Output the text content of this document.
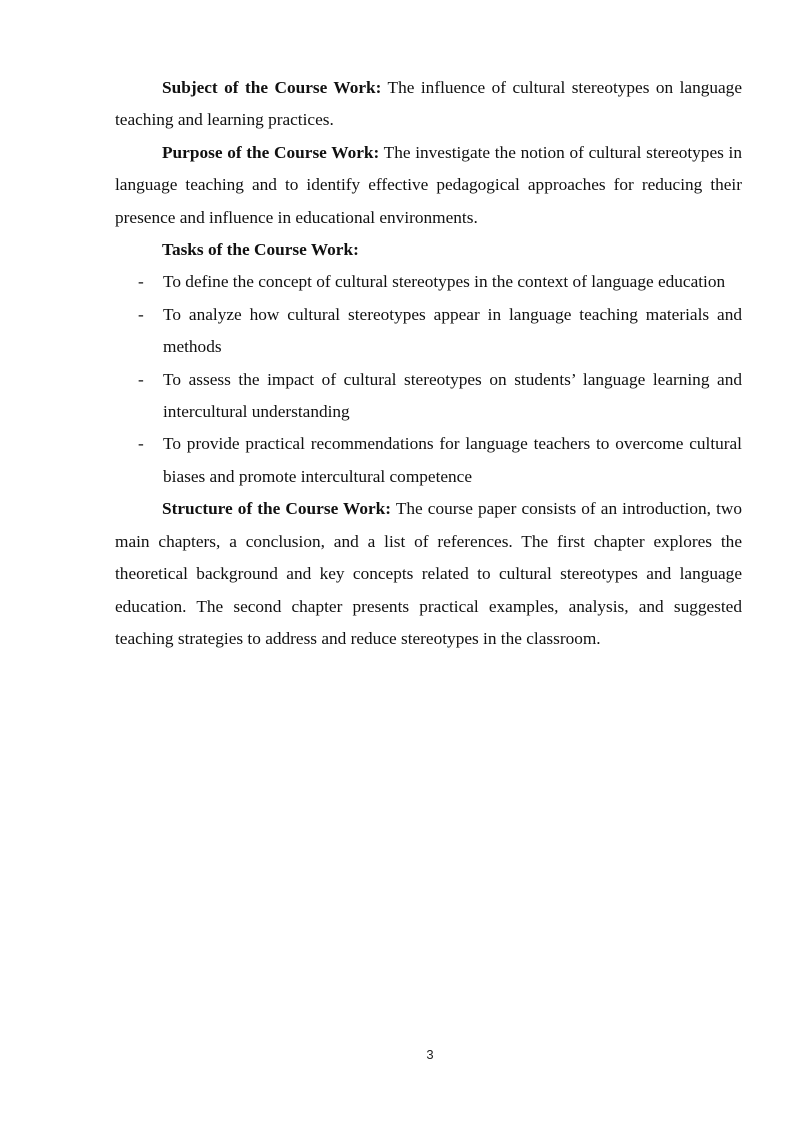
Subject of the Course Work: The influence of cultural stereotypes on language teaching and learning practices.

Purpose of the Course Work: The investigate the notion of cultural stereotypes in language teaching and to identify effective pedagogical approaches for reducing their presence and influence in educational environments.

Tasks of the Course Work:

- To define the concept of cultural stereotypes in the context of language education
- To analyze how cultural stereotypes appear in language teaching materials and methods
- To assess the impact of cultural stereotypes on students’ language learning and intercultural understanding
- To provide practical recommendations for language teachers to overcome cultural biases and promote intercultural competence

Structure of the Course Work: The course paper consists of an introduction, two main chapters, a conclusion, and a list of references. The first chapter explores the theoretical background and key concepts related to cultural stereotypes and language education. The second chapter presents practical examples, analysis, and suggested teaching strategies to address and reduce stereotypes in the classroom.

3
